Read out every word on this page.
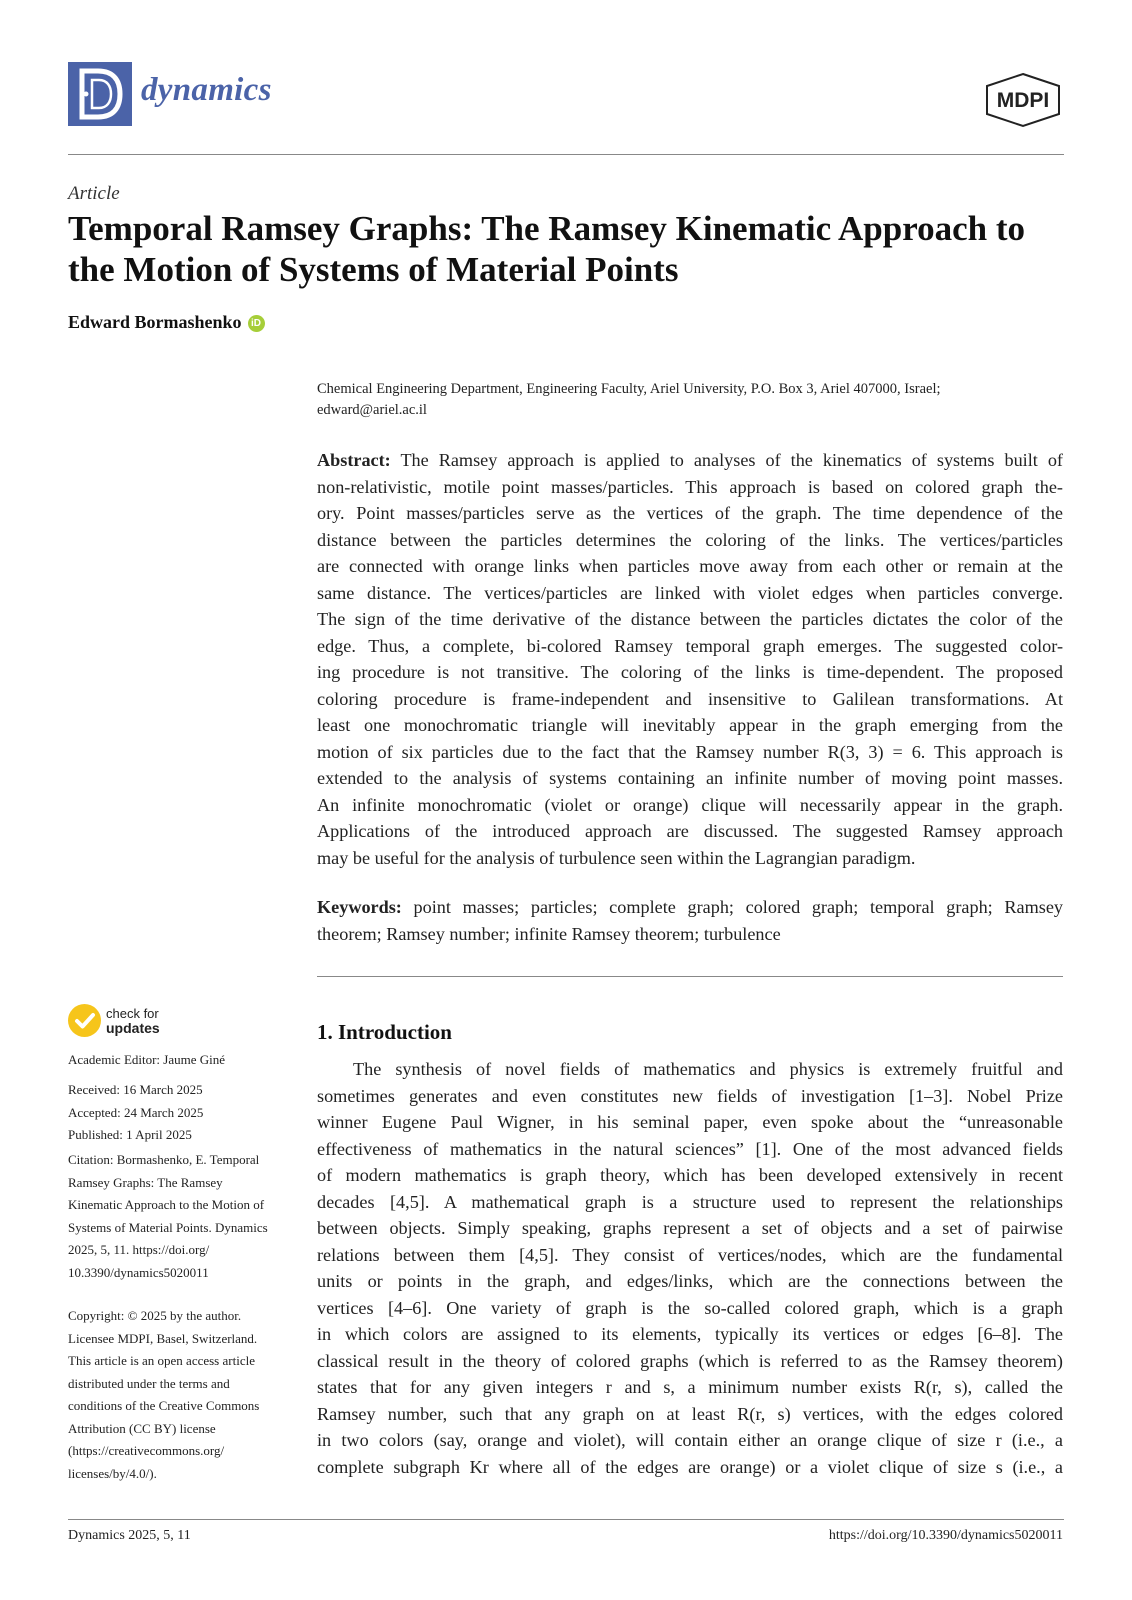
dynamics	MDPI
Article
Temporal Ramsey Graphs: The Ramsey Kinematic Approach to the Motion of Systems of Material Points
Edward Bormashenko iD
Chemical Engineering Department, Engineering Faculty, Ariel University, P.O. Box 3, Ariel 407000, Israel;
edward@ariel.ac.il
Abstract: The Ramsey approach is applied to analyses of the kinematics of systems built of
non-relativistic, motile point masses/particles. This approach is based on colored graph the-
ory. Point masses/particles serve as the vertices of the graph. The time dependence of the
distance between the particles determines the coloring of the links. The vertices/particles
are connected with orange links when particles move away from each other or remain at the
same distance. The vertices/particles are linked with violet edges when particles converge.
The sign of the time derivative of the distance between the particles dictates the color of the
edge. Thus, a complete, bi-colored Ramsey temporal graph emerges. The suggested color-
ing procedure is not transitive. The coloring of the links is time-dependent. The proposed
coloring procedure is frame-independent and insensitive to Galilean transformations. At
least one monochromatic triangle will inevitably appear in the graph emerging from the
motion of six particles due to the fact that the Ramsey number R(3, 3) = 6. This approach is
extended to the analysis of systems containing an infinite number of moving point masses.
An infinite monochromatic (violet or orange) clique will necessarily appear in the graph.
Applications of the introduced approach are discussed. The suggested Ramsey approach
may be useful for the analysis of turbulence seen within the Lagrangian paradigm.
Keywords: point masses; particles; complete graph; colored graph; temporal graph; Ramsey
theorem; Ramsey number; infinite Ramsey theorem; turbulence
check for
updates
Academic Editor: Jaume Giné
Received: 16 March 2025
Accepted: 24 March 2025
Published: 1 April 2025
Citation: Bormashenko, E. Temporal
Ramsey Graphs: The Ramsey
Kinematic Approach to the Motion of
Systems of Material Points. Dynamics
2025, 5, 11. https://doi.org/
10.3390/dynamics5020011
Copyright: © 2025 by the author.
Licensee MDPI, Basel, Switzerland.
This article is an open access article
distributed under the terms and
conditions of the Creative Commons
Attribution (CC BY) license
(https://creativecommons.org/
licenses/by/4.0/).
1. Introduction
The synthesis of novel fields of mathematics and physics is extremely fruitful and
sometimes generates and even constitutes new fields of investigation [1–3]. Nobel Prize
winner Eugene Paul Wigner, in his seminal paper, even spoke about the “unreasonable
effectiveness of mathematics in the natural sciences” [1]. One of the most advanced fields
of modern mathematics is graph theory, which has been developed extensively in recent
decades [4,5]. A mathematical graph is a structure used to represent the relationships
between objects. Simply speaking, graphs represent a set of objects and a set of pairwise
relations between them [4,5]. They consist of vertices/nodes, which are the fundamental
units or points in the graph, and edges/links, which are the connections between the
vertices [4–6]. One variety of graph is the so-called colored graph, which is a graph
in which colors are assigned to its elements, typically its vertices or edges [6–8]. The
classical result in the theory of colored graphs (which is referred to as the Ramsey theorem)
states that for any given integers r and s, a minimum number exists R(r, s), called the
Ramsey number, such that any graph on at least R(r, s) vertices, with the edges colored
in two colors (say, orange and violet), will contain either an orange clique of size r (i.e., a
complete subgraph Kr where all of the edges are orange) or a violet clique of size s (i.e., a
Dynamics 2025, 5, 11	https://doi.org/10.3390/dynamics5020011
